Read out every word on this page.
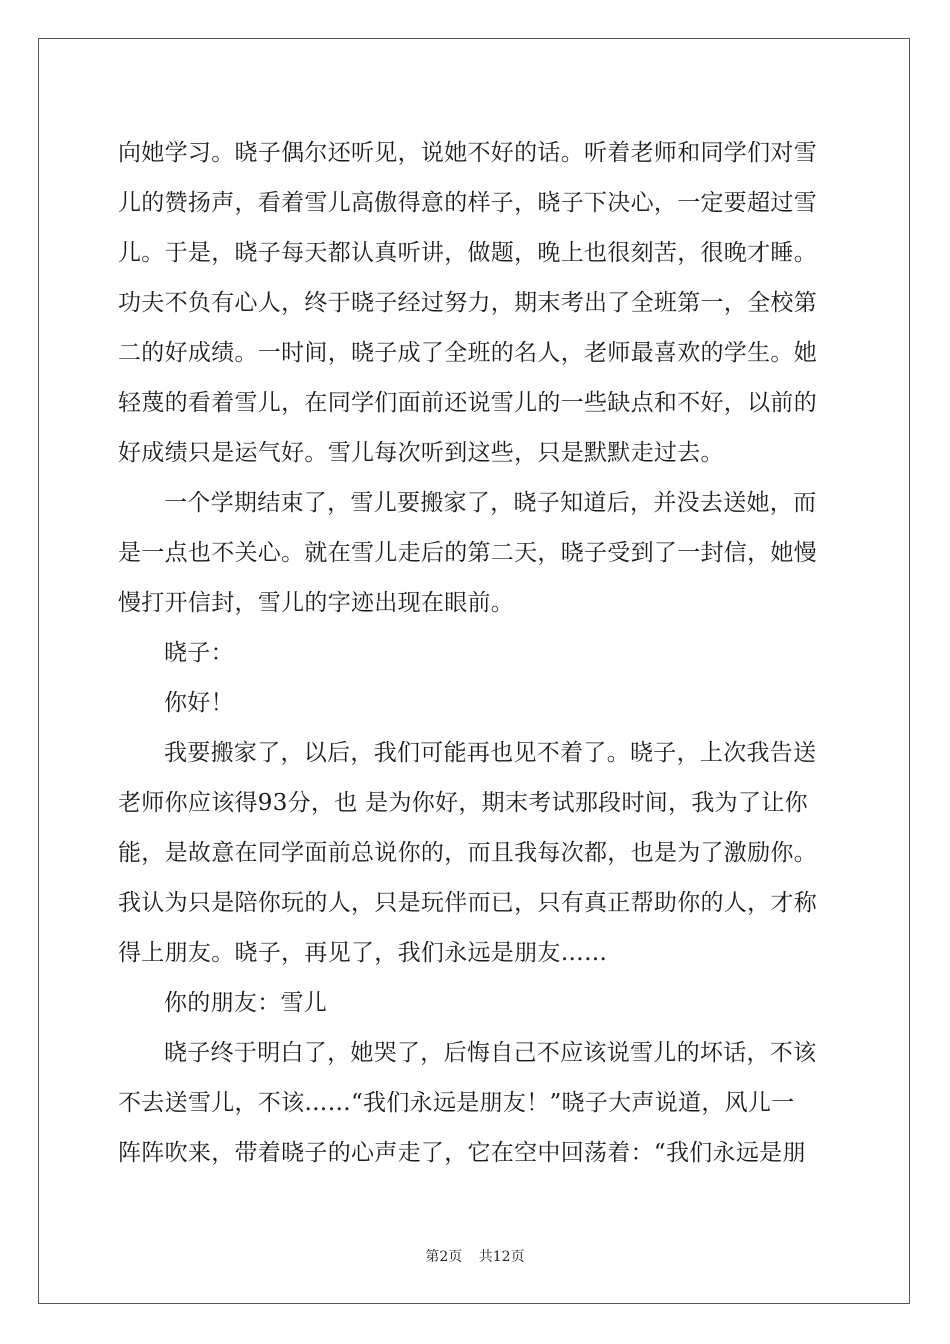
向她学习。晓子偶尔还听见，说她不好的话。听着老师和同学们对雪
儿的赞扬声，看着雪儿高傲得意的样子，晓子下决心，一定要超过雪
儿。于是，晓子每天都认真听讲，做题，晚上也很刻苦，很晚才睡。
功夫不负有心人，终于晓子经过努力，期末考出了全班第一，全校第
二的好成绩。一时间，晓子成了全班的名人，老师最喜欢的学生。她
轻蔑的看着雪儿，在同学们面前还说雪儿的一些缺点和不好，以前的
好成绩只是运气好。雪儿每次听到这些，只是默默走过去。
一个学期结束了，雪儿要搬家了，晓子知道后，并没去送她，而
是一点也不关心。就在雪儿走后的第二天，晓子受到了一封信，她慢
慢打开信封，雪儿的字迹出现在眼前。
晓子：
你好！
我要搬家了，以后，我们可能再也见不着了。晓子，上次我告送
老师你应该得93分，也 是为你好，期末考试那段时间，我为了让你
能，是故意在同学面前总说你的，而且我每次都，也是为了激励你。
我认为只是陪你玩的人，只是玩伴而已，只有真正帮助你的人，才称
得上朋友。晓子，再见了，我们永远是朋友……
你的朋友：雪儿
晓子终于明白了，她哭了，后悔自己不应该说雪儿的坏话，不该
不去送雪儿，不该……“我们永远是朋友！”晓子大声说道，风儿一
阵阵吹来，带着晓子的心声走了，它在空中回荡着：“我们永远是朋
第2页 共12页
